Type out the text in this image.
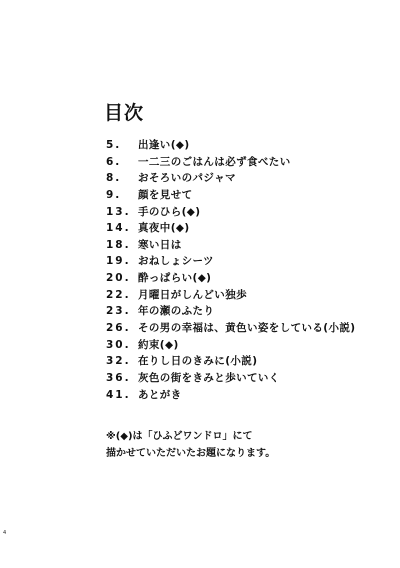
目次
5.	出逢い(◆)
6.	一二三のごはんは必ず食べたい
8.	おそろいのパジャマ
9.	顔を見せて
13. 手のひら(◆)
14. 真夜中(◆)
18. 寒い日は
19. おねしょシーツ
20. 酔っぱらい(◆)
22. 月曜日がしんどい独歩
23. 年の瀬のふたり
26. その男の幸福は、黄色い姿をしている(小説)
30. 約束(◆)
32. 在りし日のきみに(小説)
36. 灰色の街をきみと歩いていく
41. あとがき
※(◆)は「ひふどワンドロ」にて
描かせていただいたお題になります。
4
